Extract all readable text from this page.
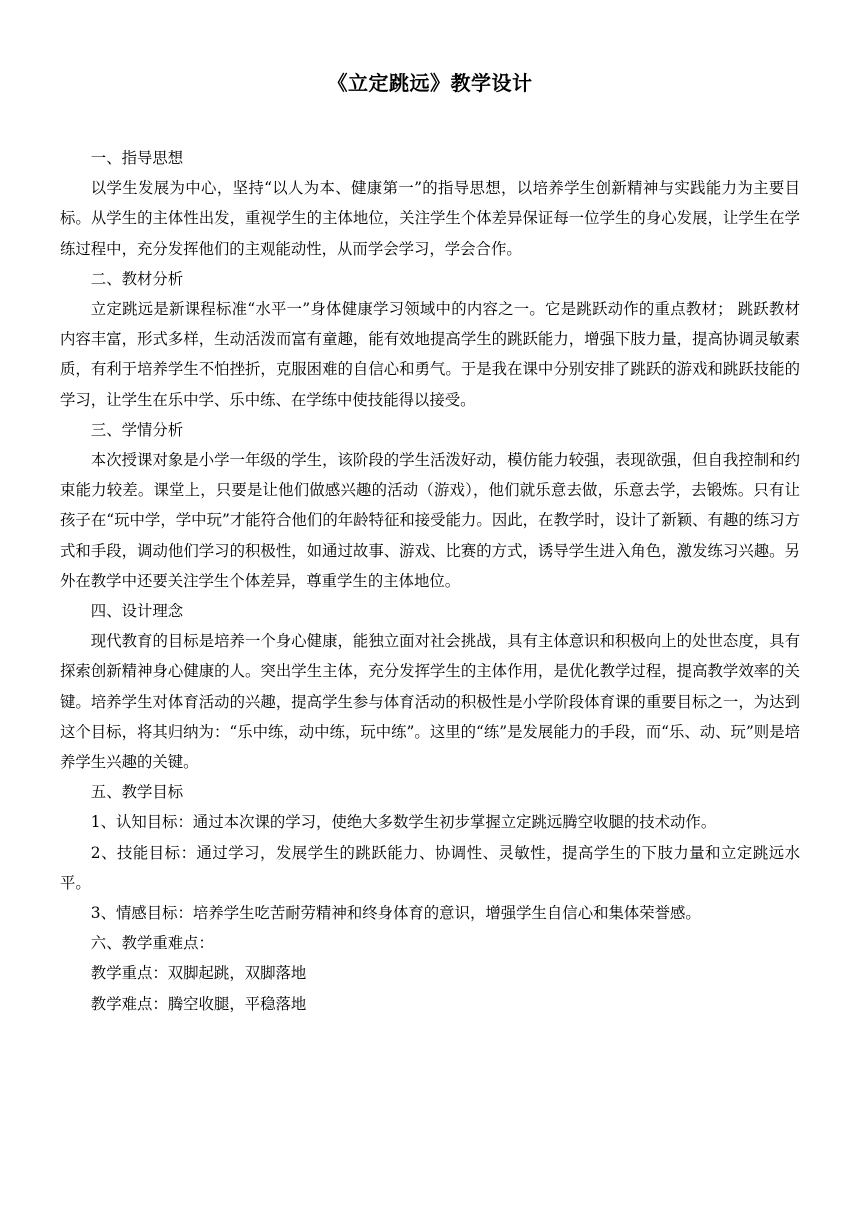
《立定跳远》教学设计

一、指导思想

以学生发展为中心，坚持“以人为本、健康第一”的指导思想，以培养学生创新精神与实践能力为主要目标。从学生的主体性出发，重视学生的主体地位，关注学生个体差异保证每一位学生的身心发展，让学生在学练过程中，充分发挥他们的主观能动性，从而学会学习，学会合作。

二、教材分析

立定跳远是新课程标准“水平一”身体健康学习领域中的内容之一。它是跳跃动作的重点教材； 跳跃教材内容丰富，形式多样，生动活泼而富有童趣，能有效地提高学生的跳跃能力，增强下肢力量，提高协调灵敏素质，有利于培养学生不怕挫折，克服困难的自信心和勇气。于是我在课中分别安排了跳跃的游戏和跳跃技能的学习，让学生在乐中学、乐中练、在学练中使技能得以接受。

三、学情分析

本次授课对象是小学一年级的学生，该阶段的学生活泼好动，模仿能力较强，表现欲强，但自我控制和约束能力较差。课堂上，只要是让他们做感兴趣的活动（游戏），他们就乐意去做，乐意去学，去锻炼。只有让孩子在“玩中学，学中玩”才能符合他们的年龄特征和接受能力。因此，在教学时，设计了新颖、有趣的练习方式和手段，调动他们学习的积极性，如通过故事、游戏、比赛的方式，诱导学生进入角色，激发练习兴趣。另外在教学中还要关注学生个体差异，尊重学生的主体地位。

四、设计理念

现代教育的目标是培养一个身心健康，能独立面对社会挑战，具有主体意识和积极向上的处世态度，具有探索创新精神身心健康的人。突出学生主体，充分发挥学生的主体作用，是优化教学过程，提高教学效率的关键。培养学生对体育活动的兴趣，提高学生参与体育活动的积极性是小学阶段体育课的重要目标之一，为达到这个目标，将其归纳为：“乐中练，动中练，玩中练”。这里的“练”是发展能力的手段，而“乐、动、玩”则是培养学生兴趣的关键。

五、教学目标

1、认知目标：通过本次课的学习，使绝大多数学生初步掌握立定跳远腾空收腿的技术动作。

2、技能目标：通过学习，发展学生的跳跃能力、协调性、灵敏性，提高学生的下肢力量和立定跳远水平。

3、情感目标：培养学生吃苦耐劳精神和终身体育的意识，增强学生自信心和集体荣誉感。

六、教学重难点：

教学重点：双脚起跳，双脚落地

教学难点：腾空收腿，平稳落地
